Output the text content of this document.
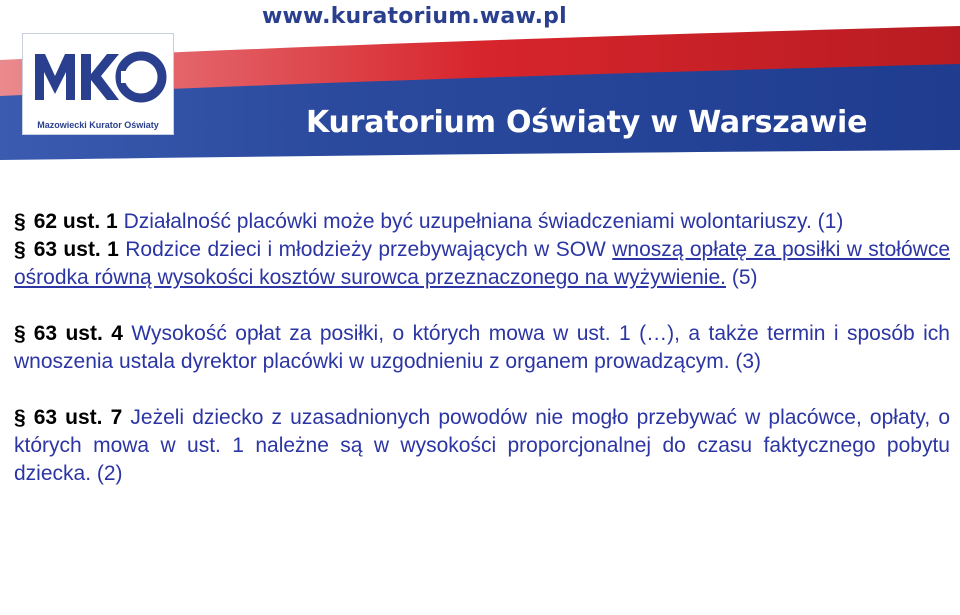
www.kuratorium.waw.pl
Mazowiecki Kurator Oświaty	Kuratorium Oświaty w Warszawie

§ 62 ust. 1 Działalność placówki może być uzupełniana świadczeniami wolontariuszy. (1)

§ 63 ust. 1 Rodzice dzieci i młodzieży przebywających w SOW wnoszą opłatę za posiłki w stołówce ośrodka równą wysokości kosztów surowca przeznaczonego na wyżywienie. (5)

§ 63 ust. 4 Wysokość opłat za posiłki, o których mowa w ust. 1 (…), a także termin i sposób ich wnoszenia ustala dyrektor placówki w uzgodnieniu z organem prowadzącym. (3)

§ 63 ust. 7 Jeżeli dziecko z uzasadnionych powodów nie mogło przebywać w placówce, opłaty, o których mowa w ust. 1 należne są w wysokości proporcjonalnej do czasu faktycznego pobytu dziecka. (2)
